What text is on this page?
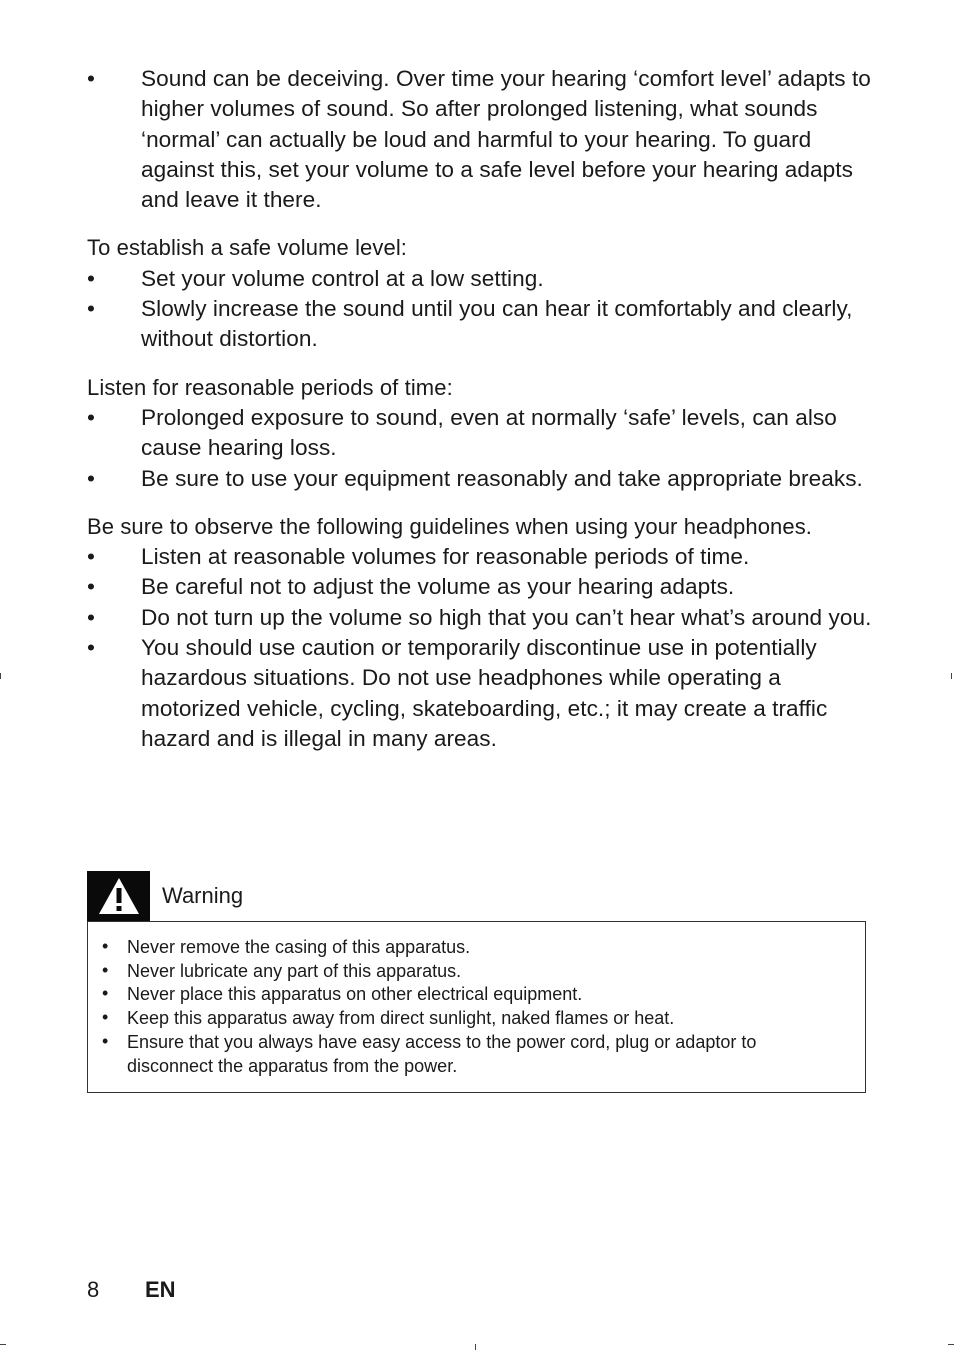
• Sound can be deceiving. Over time your hearing ‘comfort level’ adapts to higher volumes of sound. So after prolonged listening, what sounds ‘normal’ can actually be loud and harmful to your hearing. To guard against this, set your volume to a safe level before your hearing adapts and leave it there.

To establish a safe volume level:

• Set your volume control at a low setting.
• Slowly increase the sound until you can hear it comfortably and clearly, without distortion.

Listen for reasonable periods of time:

• Prolonged exposure to sound, even at normally ‘safe’ levels, can also cause hearing loss.
• Be sure to use your equipment reasonably and take appropriate breaks.

Be sure to observe the following guidelines when using your headphones.

• Listen at reasonable volumes for reasonable periods of time.
• Be careful not to adjust the volume as your hearing adapts.
• Do not turn up the volume so high that you can’t hear what’s around you.
• You should use caution or temporarily discontinue use in potentially hazardous situations. Do not use headphones while operating a motorized vehicle, cycling, skateboarding, etc.; it may create a traffic hazard and is illegal in many areas.
Warning
• Never remove the casing of this apparatus.
• Never lubricate any part of this apparatus.
• Never place this apparatus on other electrical equipment.
• Keep this apparatus away from direct sunlight, naked flames or heat.
• Ensure that you always have easy access to the power cord, plug or adaptor to disconnect the apparatus from the power.
8	EN
